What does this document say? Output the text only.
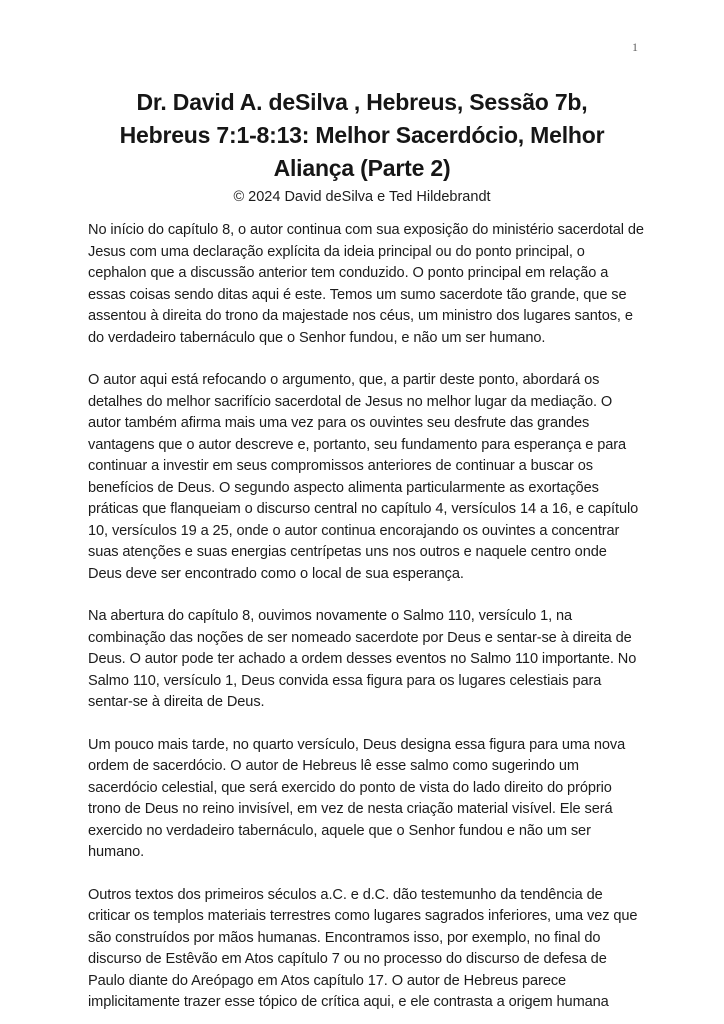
1
Dr. David A. deSilva , Hebreus, Sessão 7b,
Hebreus 7:1-8:13: Melhor Sacerdócio, Melhor
Aliança (Parte 2)
© 2024 David deSilva e Ted Hildebrandt

No início do capítulo 8, o autor continua com sua exposição do ministério sacerdotal de Jesus com uma declaração explícita da ideia principal ou do ponto principal, o cephalon que a discussão anterior tem conduzido. O ponto principal em relação a essas coisas sendo ditas aqui é este. Temos um sumo sacerdote tão grande, que se assentou à direita do trono da majestade nos céus, um ministro dos lugares santos, e do verdadeiro tabernáculo que o Senhor fundou, e não um ser humano.

O autor aqui está refocando o argumento, que, a partir deste ponto, abordará os detalhes do melhor sacrifício sacerdotal de Jesus no melhor lugar da mediação. O autor também afirma mais uma vez para os ouvintes seu desfrute das grandes vantagens que o autor descreve e, portanto, seu fundamento para esperança e para continuar a investir em seus compromissos anteriores de continuar a buscar os benefícios de Deus. O segundo aspecto alimenta particularmente as exortações práticas que flanqueiam o discurso central no capítulo 4, versículos 14 a 16, e capítulo 10, versículos 19 a 25, onde o autor continua encorajando os ouvintes a concentrar suas atenções e suas energias centrípetas uns nos outros e naquele centro onde Deus deve ser encontrado como o local de sua esperança.

Na abertura do capítulo 8, ouvimos novamente o Salmo 110, versículo 1, na combinação das noções de ser nomeado sacerdote por Deus e sentar-se à direita de Deus. O autor pode ter achado a ordem desses eventos no Salmo 110 importante. No Salmo 110, versículo 1, Deus convida essa figura para os lugares celestiais para sentar-se à direita de Deus.

Um pouco mais tarde, no quarto versículo, Deus designa essa figura para uma nova ordem de sacerdócio. O autor de Hebreus lê esse salmo como sugerindo um sacerdócio celestial, que será exercido do ponto de vista do lado direito do próprio trono de Deus no reino invisível, em vez de nesta criação material visível. Ele será exercido no verdadeiro tabernáculo, aquele que o Senhor fundou e não um ser humano.

Outros textos dos primeiros séculos a.C. e d.C. dão testemunho da tendência de criticar os templos materiais terrestres como lugares sagrados inferiores, uma vez que são construídos por mãos humanas. Encontramos isso, por exemplo, no final do discurso de Estêvão em Atos capítulo 7 ou no processo do discurso de defesa de Paulo diante do Areópago em Atos capítulo 17. O autor de Hebreus parece implicitamente trazer esse tópico de crítica aqui, e ele contrasta a origem humana
